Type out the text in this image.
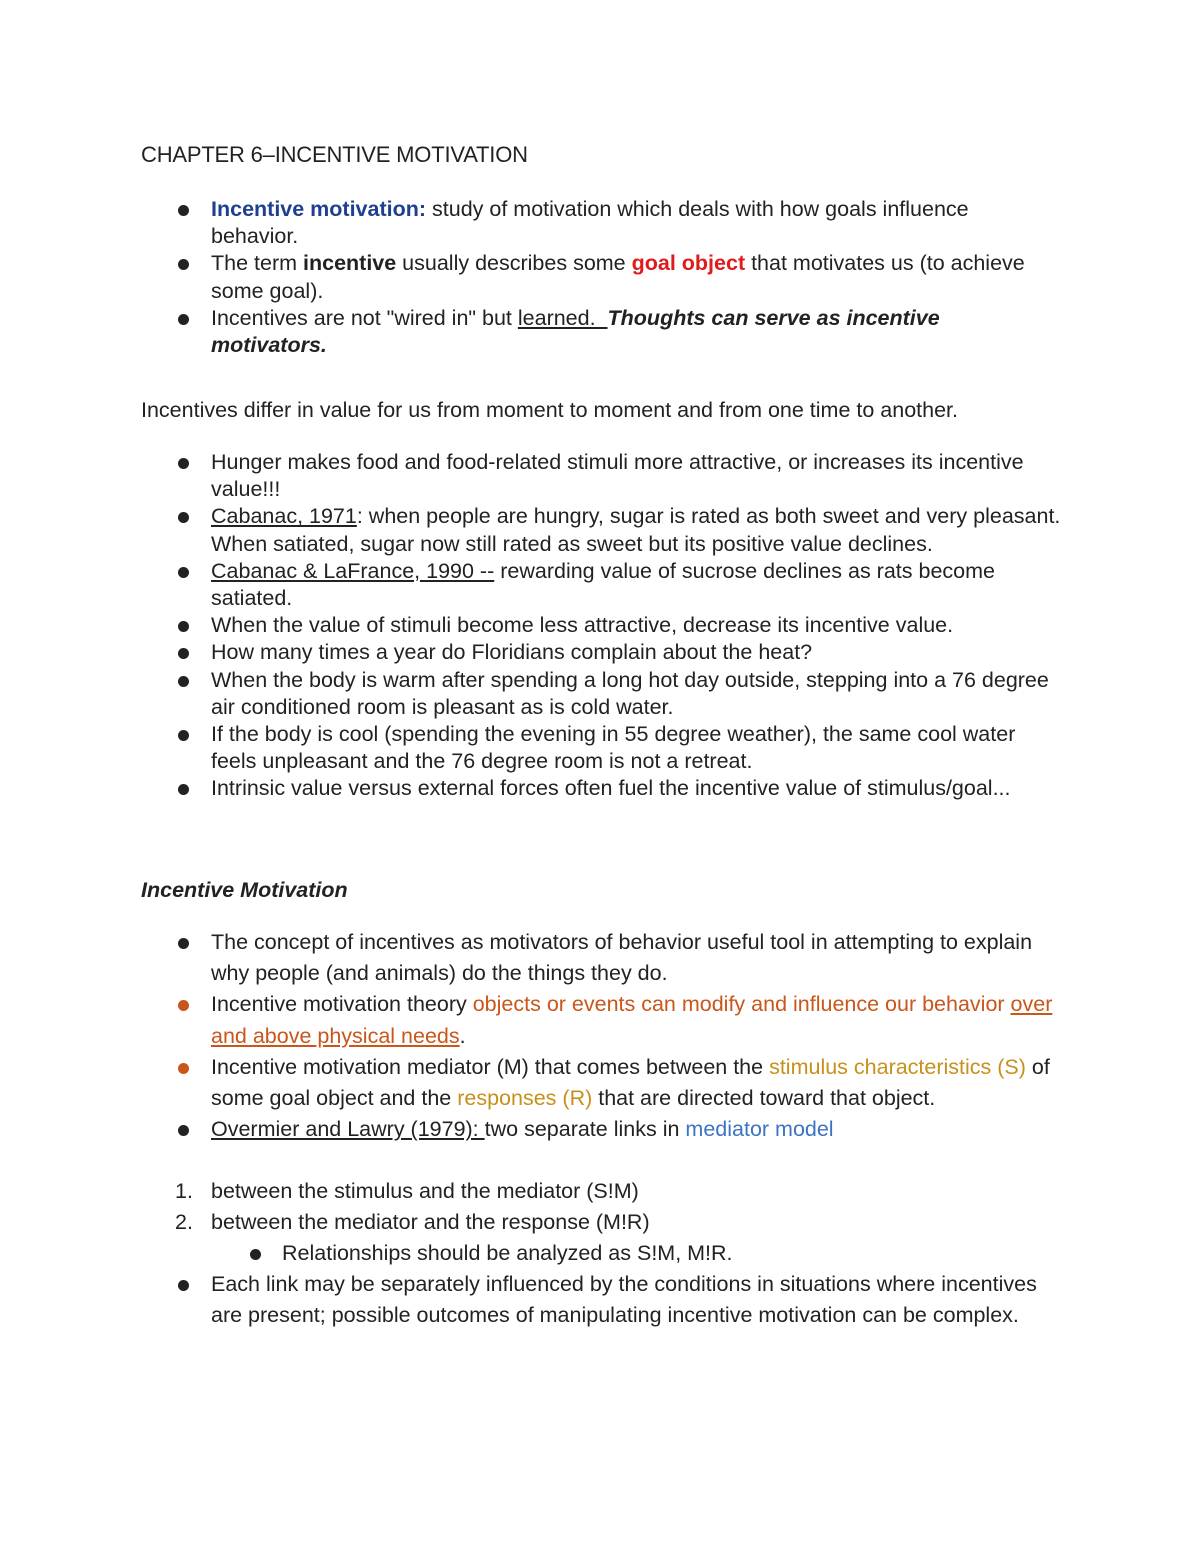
CHAPTER 6–INCENTIVE MOTIVATION
Incentive motivation: study of motivation which deals with how goals influence behavior.
The term incentive usually describes some goal object that motivates us (to achieve some goal).
Incentives are not "wired in" but learned.  Thoughts can serve as incentive motivators.
Incentives differ in value for us from moment to moment and from one time to another.
Hunger makes food and food-related stimuli more attractive, or increases its incentive value!!!
Cabanac, 1971: when people are hungry, sugar is rated as both sweet and very pleasant. When satiated, sugar now still rated as sweet but its positive value declines.
Cabanac & LaFrance, 1990 -- rewarding value of sucrose declines as rats become satiated.
When the value of stimuli become less attractive, decrease its incentive value.
How many times a year do Floridians complain about the heat?
When the body is warm after spending a long hot day outside, stepping into a 76 degree air conditioned room is pleasant as is cold water.
If the body is cool (spending the evening in 55 degree weather), the same cool water feels unpleasant and the 76 degree room is not a retreat.
Intrinsic value versus external forces often fuel the incentive value of stimulus/goal...
Incentive Motivation
The concept of incentives as motivators of behavior useful tool in attempting to explain why people (and animals) do the things they do.
Incentive motivation theory objects or events can modify and influence our behavior over and above physical needs.
Incentive motivation mediator (M) that comes between the stimulus characteristics (S) of some goal object and the responses (R) that are directed toward that object.
Overmier and Lawry (1979): two separate links in mediator model
1. between the stimulus and the mediator (S!M)
2. between the mediator and the response (M!R)
Relationships should be analyzed as S!M, M!R.
Each link may be separately influenced by the conditions in situations where incentives are present; possible outcomes of manipulating incentive motivation can be complex.
